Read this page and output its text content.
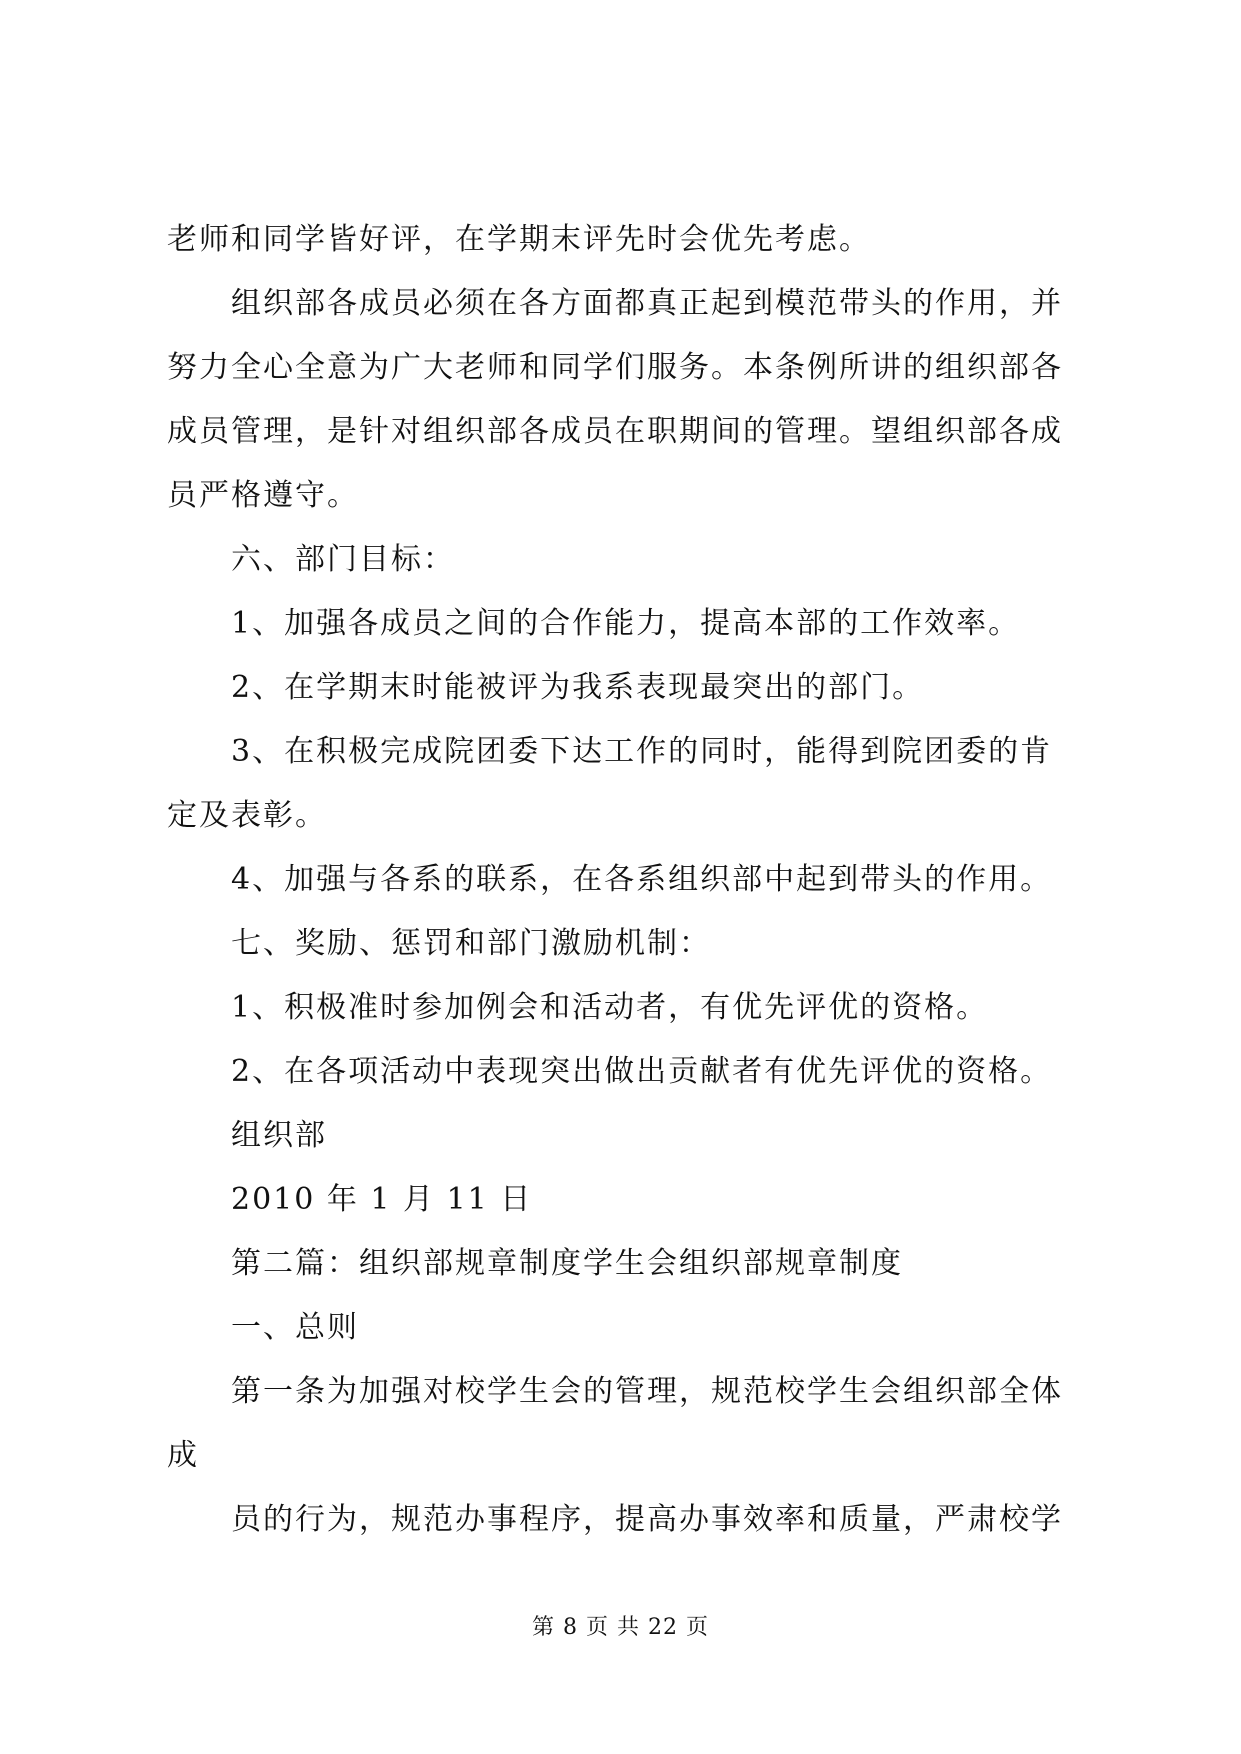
老师和同学皆好评，在学期末评先时会优先考虑。

组织部各成员必须在各方面都真正起到模范带头的作用，并

努力全心全意为广大老师和同学们服务。本条例所讲的组织部各

成员管理，是针对组织部各成员在职期间的管理。望组织部各成

员严格遵守。

六、部门目标：

1、加强各成员之间的合作能力，提高本部的工作效率。

2、在学期末时能被评为我系表现最突出的部门。

3、在积极完成院团委下达工作的同时，能得到院团委的肯

定及表彰。

4、加强与各系的联系，在各系组织部中起到带头的作用。

七、奖励、惩罚和部门激励机制：

1、积极准时参加例会和活动者，有优先评优的资格。

2、在各项活动中表现突出做出贡献者有优先评优的资格。

组织部

2010 年 1 月 11 日

第二篇：组织部规章制度学生会组织部规章制度

一、总则

第一条为加强对校学生会的管理，规范校学生会组织部全体

成

员的行为，规范办事程序，提高办事效率和质量，严肃校学

第 8 页 共 22 页
